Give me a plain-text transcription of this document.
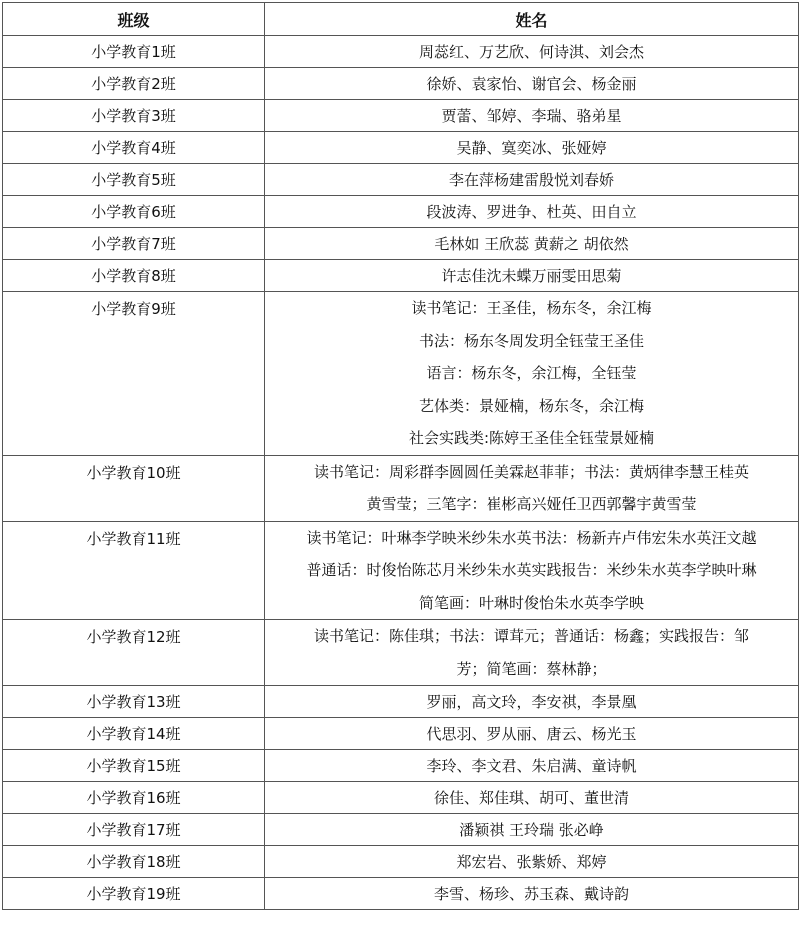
班级	姓名
小学教育1班	周蕊红、万艺欣、何诗淇、刘会杰

小学教育2班	徐娇、袁家怡、谢官会、杨金丽

小学教育3班	贾蕾、邹婷、李瑞、骆弟星

小学教育4班	吴静、寞奕冰、张娅婷

小学教育5班	李在萍杨建雷殷悦刘春娇

小学教育6班	段波涛、罗进争、杜英、田自立

小学教育7班	毛林如 王欣蕊 黄薪之 胡依然

小学教育8班	许志佳沈未蝶万丽雯田思菊

小学教育9班	读书笔记：王圣佳，杨东冬，余江梅
书法：杨东冬周发玥全钰莹王圣佳
语言：杨东冬，余江梅，全钰莹
艺体类：景娅楠，杨东冬，余江梅
社会实践类:陈婷王圣佳全钰莹景娅楠

小学教育10班	读书笔记：周彩群李圆圆任美霖赵菲菲；书法：黄炳律李慧王桂英
黄雪莹；三笔字：崔彬高兴娅任卫西郭馨宇黄雪莹

小学教育11班	读书笔记：叶琳李学映米纱朱水英书法：杨新卉卢伟宏朱水英汪文越
普通话：时俊怡陈芯月米纱朱水英实践报告：米纱朱水英李学映叶琳
简笔画：叶琳时俊怡朱水英李学映

小学教育12班	读书笔记：陈佳琪；书法：谭茸元；普通话：杨鑫；实践报告：邹
芳；简笔画：蔡林静；

小学教育13班	罗丽，高文玲，李安祺，李景凰

小学教育14班	代思羽、罗从丽、唐云、杨光玉

小学教育15班	李玲、李文君、朱启满、童诗帆

小学教育16班	徐佳、郑佳琪、胡可、董世清

小学教育17班	潘颖祺 王玲瑞 张必峥

小学教育18班	郑宏岩、张紫娇、郑婷

小学教育19班	李雪、杨珍、苏玉森、戴诗韵
